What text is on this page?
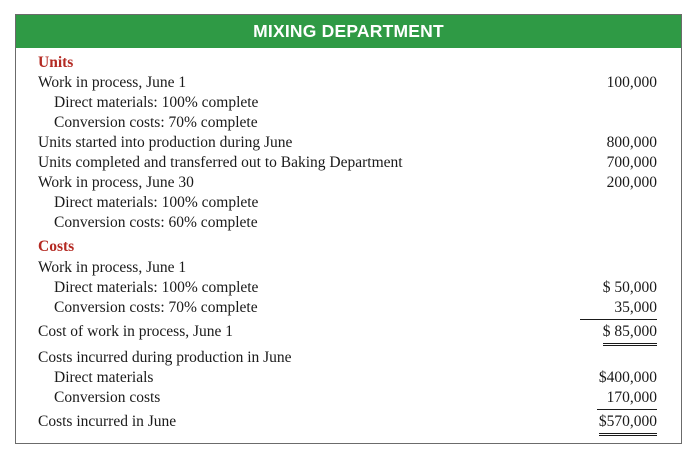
MIXING DEPARTMENT
Units
Work in process, June 1	100,000
Direct materials: 100% complete
Conversion costs: 70% complete
Units started into production during June	800,000
Units completed and transferred out to Baking Department	700,000
Work in process, June 30	200,000
Direct materials: 100% complete
Conversion costs: 60% complete
Costs
Work in process, June 1
Direct materials: 100% complete	$ 50,000
Conversion costs: 70% complete	35,000
Cost of work in process, June 1	$ 85,000
Costs incurred during production in June
Direct materials	$400,000
Conversion costs	170,000
Costs incurred in June	$570,000
